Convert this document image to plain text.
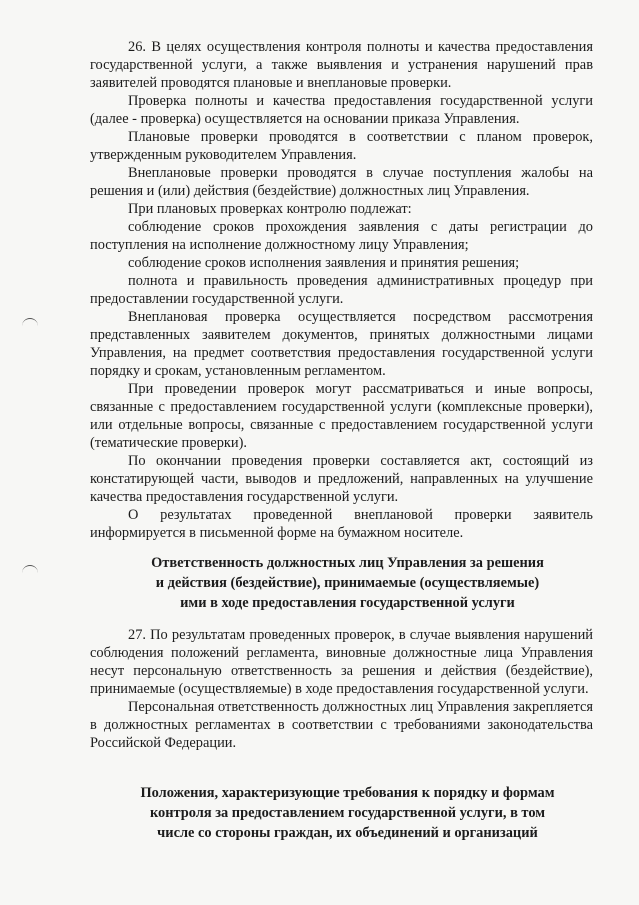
26. В целях осуществления контроля полноты и качества предоставления государственной услуги, а также выявления и устранения нарушений прав заявителей проводятся плановые и внеплановые проверки.

Проверка полноты и качества предоставления государственной услуги (далее - проверка) осуществляется на основании приказа Управления.

Плановые проверки проводятся в соответствии с планом проверок, утвержденным руководителем Управления.

Внеплановые проверки проводятся в случае поступления жалобы на решения и (или) действия (бездействие) должностных лиц Управления.

При плановых проверках контролю подлежат:

соблюдение сроков прохождения заявления с даты регистрации до поступления на исполнение должностному лицу Управления;

соблюдение сроков исполнения заявления и принятия решения;

полнота и правильность проведения административных процедур при предоставлении государственной услуги.

Внеплановая проверка осуществляется посредством рассмотрения представленных заявителем документов, принятых должностными лицами Управления, на предмет соответствия предоставления государственной услуги порядку и срокам, установленным регламентом.

При проведении проверок могут рассматриваться и иные вопросы, связанные с предоставлением государственной услуги (комплексные проверки), или отдельные вопросы, связанные с предоставлением государственной услуги (тематические проверки).

По окончании проведения проверки составляется акт, состоящий из констатирующей части, выводов и предложений, направленных на улучшение качества предоставления государственной услуги.

О результатах проведенной внеплановой проверки заявитель информируется в письменной форме на бумажном носителе.

Ответственность должностных лиц Управления за решения
и действия (бездействие), принимаемые (осуществляемые)
ими в ходе предоставления государственной услуги

27. По результатам проведенных проверок, в случае выявления нарушений соблюдения положений регламента, виновные должностные лица Управления несут персональную ответственность за решения и действия (бездействие), принимаемые (осуществляемые) в ходе предоставления государственной услуги.

Персональная ответственность должностных лиц Управления закрепляется в должностных регламентах в соответствии с требованиями законодательства Российской Федерации.

Положения, характеризующие требования к порядку и формам
контроля за предоставлением государственной услуги, в том
числе со стороны граждан, их объединений и организаций
